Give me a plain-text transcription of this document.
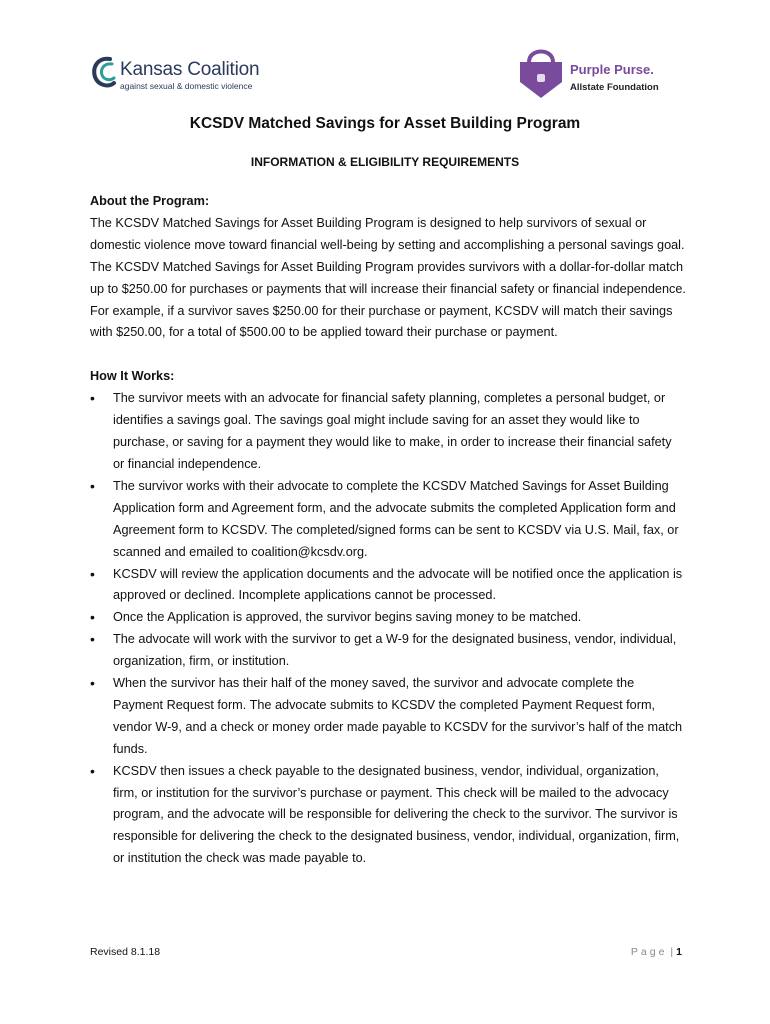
Kansas Coalition
against sexual & domestic violence
Purple Purse.
Allstate Foundation
KCSDV Matched Savings for Asset Building Program
INFORMATION & ELIGIBILITY REQUIREMENTS

About the Program:

The KCSDV Matched Savings for Asset Building Program is designed to help survivors of sexual or domestic violence move toward financial well-being by setting and accomplishing a personal savings goal. The KCSDV Matched Savings for Asset Building Program provides survivors with a dollar-for-dollar match up to $250.00 for purchases or payments that will increase their financial safety or financial independence. For example, if a survivor saves $250.00 for their purchase or payment, KCSDV will match their savings with $250.00, for a total of $500.00 to be applied toward their purchase or payment.

How It Works:

• The survivor meets with an advocate for financial safety planning, completes a personal budget, or identifies a savings goal. The savings goal might include saving for an asset they would like to purchase, or saving for a payment they would like to make, in order to increase their financial safety or financial independence.
• The survivor works with their advocate to complete the KCSDV Matched Savings for Asset Building Application form and Agreement form, and the advocate submits the completed Application form and Agreement form to KCSDV. The completed/signed forms can be sent to KCSDV via U.S. Mail, fax, or scanned and emailed to coalition@kcsdv.org.
• KCSDV will review the application documents and the advocate will be notified once the application is approved or declined. Incomplete applications cannot be processed.
• Once the Application is approved, the survivor begins saving money to be matched.
• The advocate will work with the survivor to get a W-9 for the designated business, vendor, individual, organization, firm, or institution.
• When the survivor has their half of the money saved, the survivor and advocate complete the Payment Request form. The advocate submits to KCSDV the completed Payment Request form, vendor W-9, and a check or money order made payable to KCSDV for the survivor’s half of the match funds.
• KCSDV then issues a check payable to the designated business, vendor, individual, organization, firm, or institution for the survivor’s purchase or payment. This check will be mailed to the advocacy program, and the advocate will be responsible for delivering the check to the survivor. The survivor is responsible for delivering the check to the designated business, vendor, individual, organization, firm, or institution the check was made payable to.
Revised 8.1.18	Page | 1
